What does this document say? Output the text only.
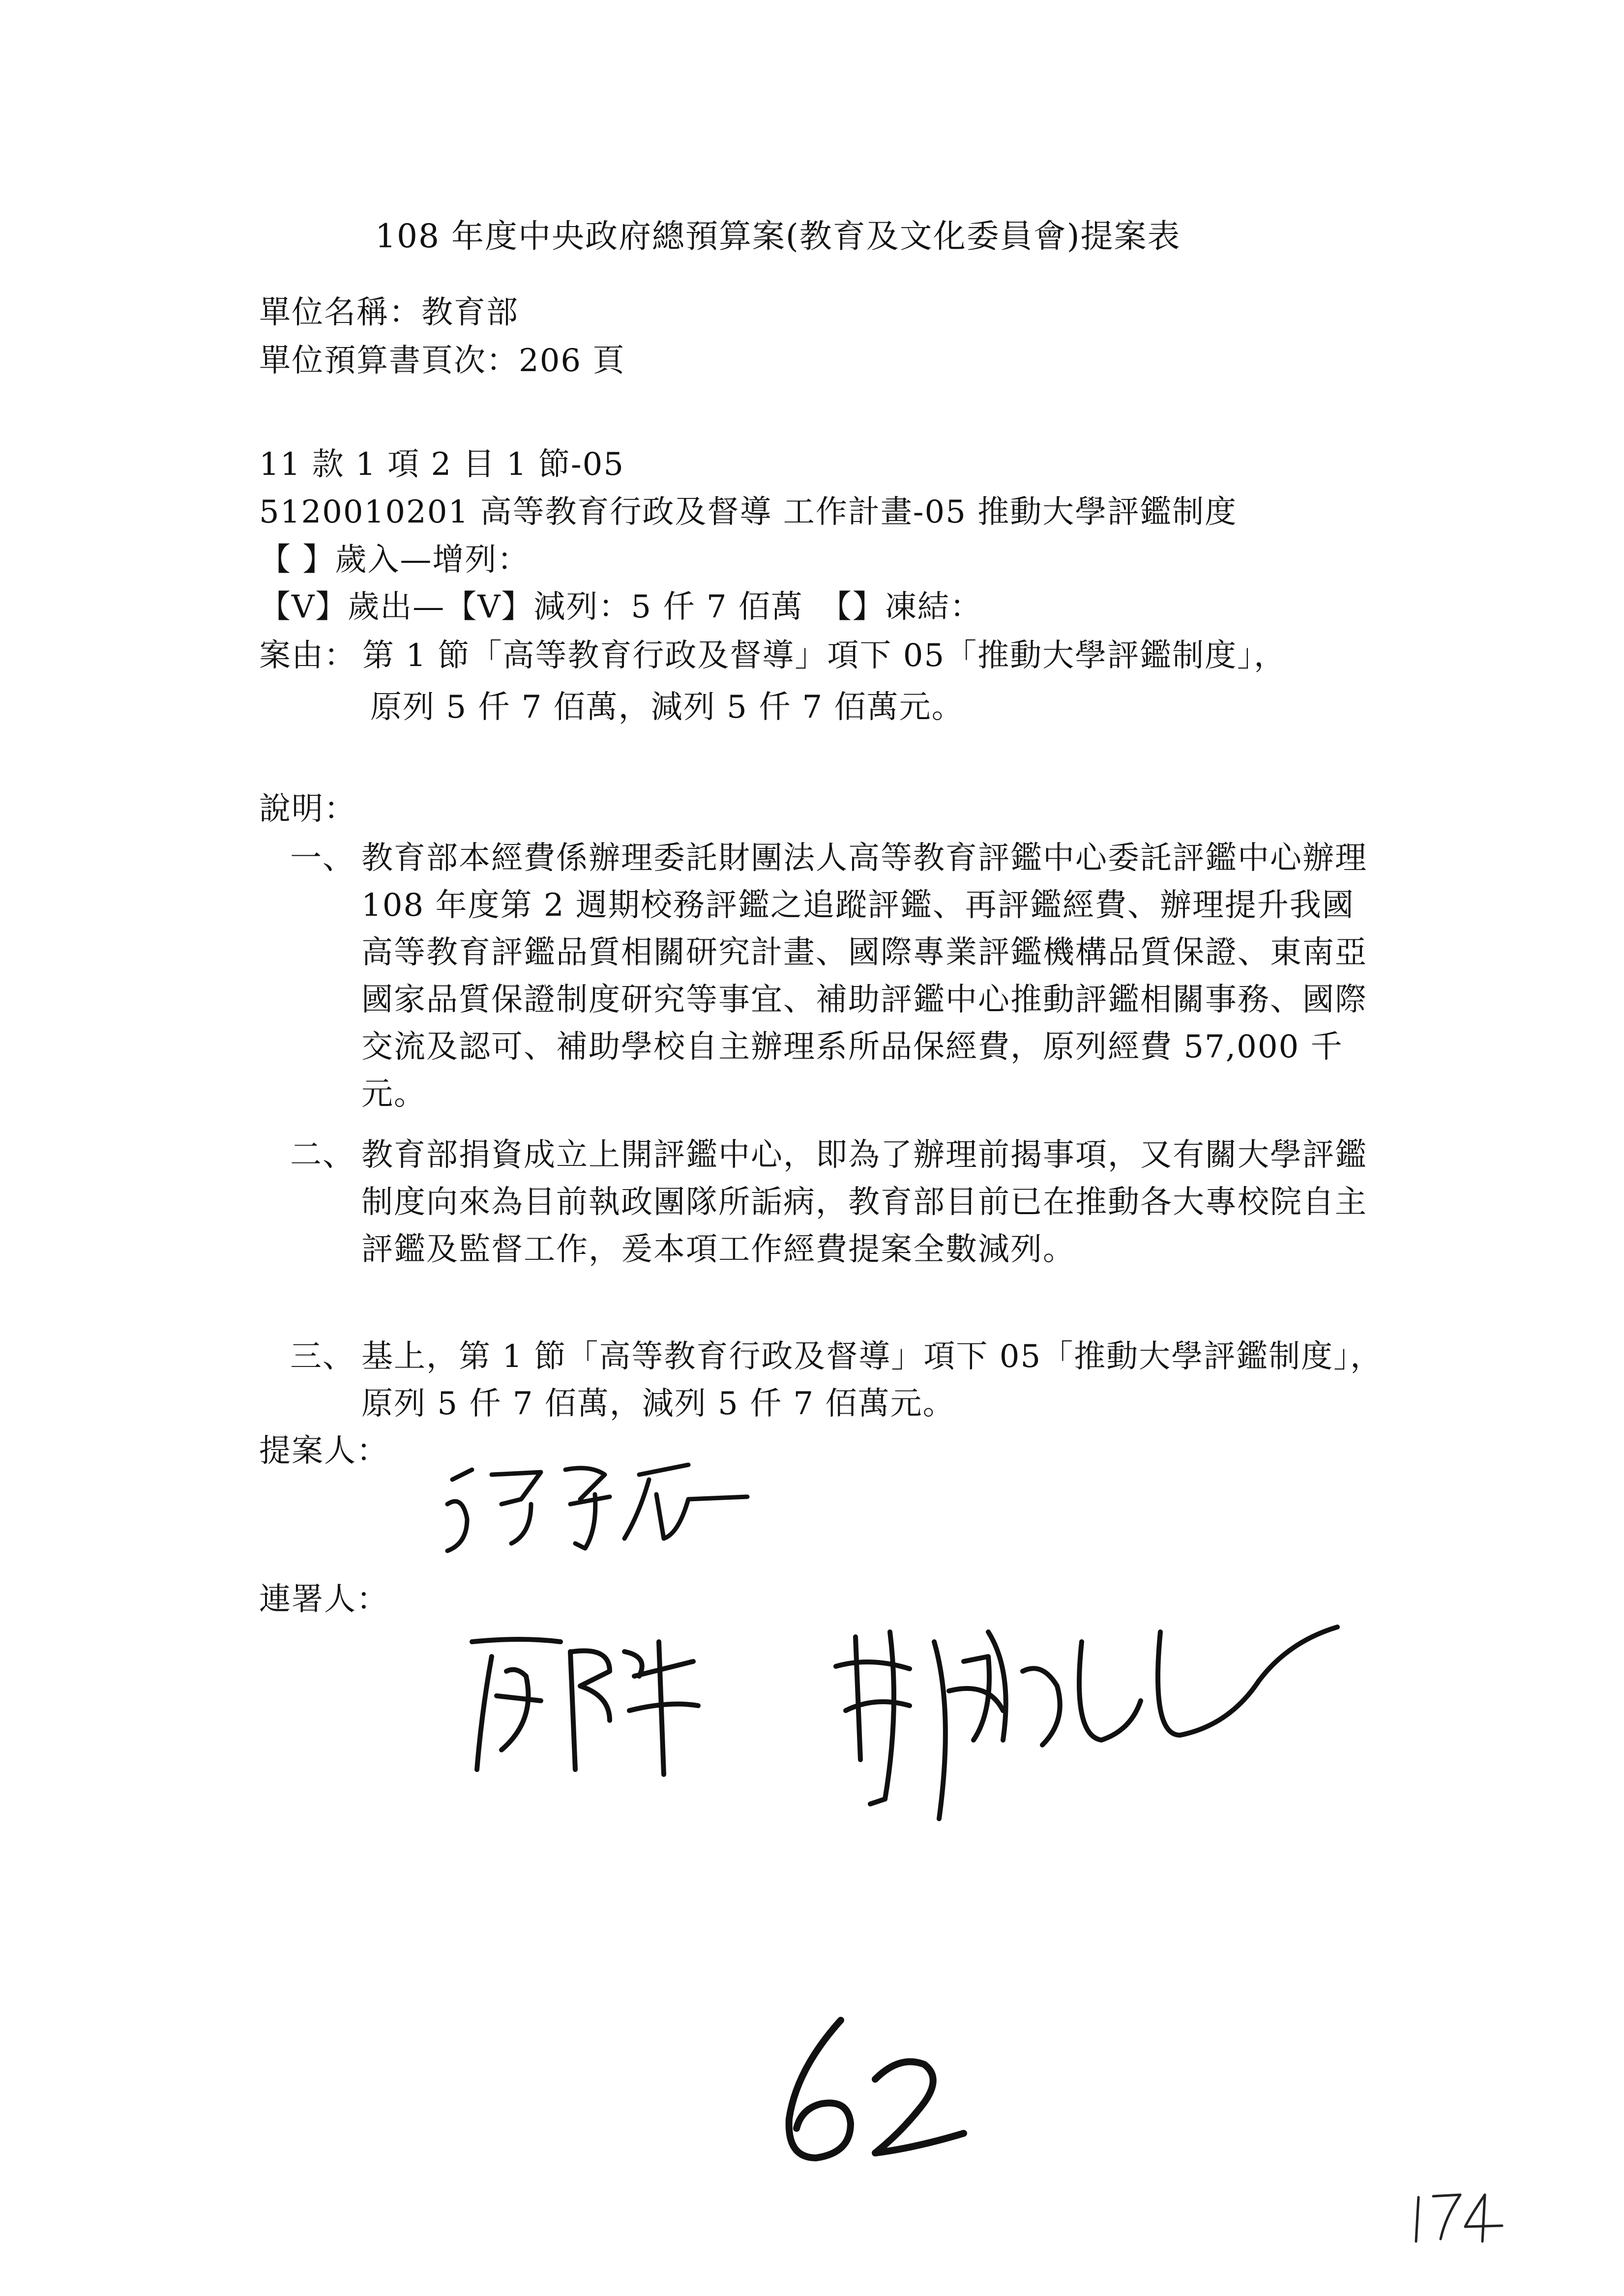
108 年度中央政府總預算案(教育及文化委員會)提案表
單位名稱：教育部
單位預算書頁次：206 頁
11 款 1 項 2 目 1 節-05
5120010201 高等教育行政及督導 工作計畫-05 推動大學評鑑制度
【 】歲入—增列：
【V】歲出—【V】減列：5 仟 7 佰萬　【】凍結：
案由： 第 1 節「高等教育行政及督導」項下 05「推動大學評鑑制度」，
原列 5 仟 7 佰萬，減列 5 仟 7 佰萬元。
說明：
一、 教育部本經費係辦理委託財團法人高等教育評鑑中心委託評鑑中心辦理 108 年度第 2 週期校務評鑑之追蹤評鑑、再評鑑經費、辦理提升我國高等教育評鑑品質相關研究計畫、國際專業評鑑機構品質保證、東南亞國家品質保證制度研究等事宜、補助評鑑中心推動評鑑相關事務、國際交流及認可、補助學校自主辦理系所品保經費，原列經費 57,000 千元。
二、 教育部捐資成立上開評鑑中心，即為了辦理前揭事項，又有關大學評鑑制度向來為目前執政團隊所詬病，教育部目前已在推動各大專校院自主評鑑及監督工作，爰本項工作經費提案全數減列。
三、 基上，第 1 節「高等教育行政及督導」項下 05「推動大學評鑑制度」，原列 5 仟 7 佰萬，減列 5 仟 7 佰萬元。
提案人：
連署人：
